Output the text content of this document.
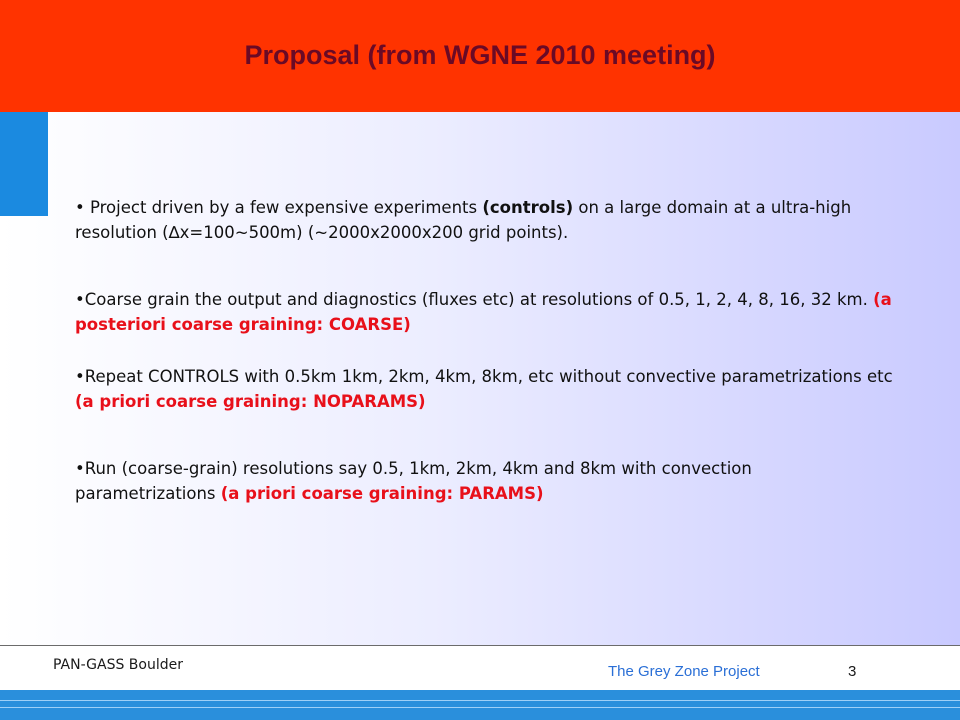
Proposal (from WGNE 2010 meeting)
• Project driven by a few expensive experiments (controls) on a large domain at a ultra-high resolution (∆x=100~500m) (~2000x2000x200 grid points).
•Coarse grain the output and diagnostics (fluxes etc) at resolutions of 0.5, 1, 2, 4, 8, 16, 32 km. (a posteriori coarse graining: COARSE)
•Repeat CONTROLS with 0.5km 1km, 2km, 4km, 8km, etc without convective parametrizations etc (a priori coarse graining: NOPARAMS)
•Run (coarse-grain) resolutions say 0.5, 1km, 2km, 4km and 8km with convection parametrizations (a priori coarse graining: PARAMS)
PAN-GASS Boulder	The Grey Zone Project	3
